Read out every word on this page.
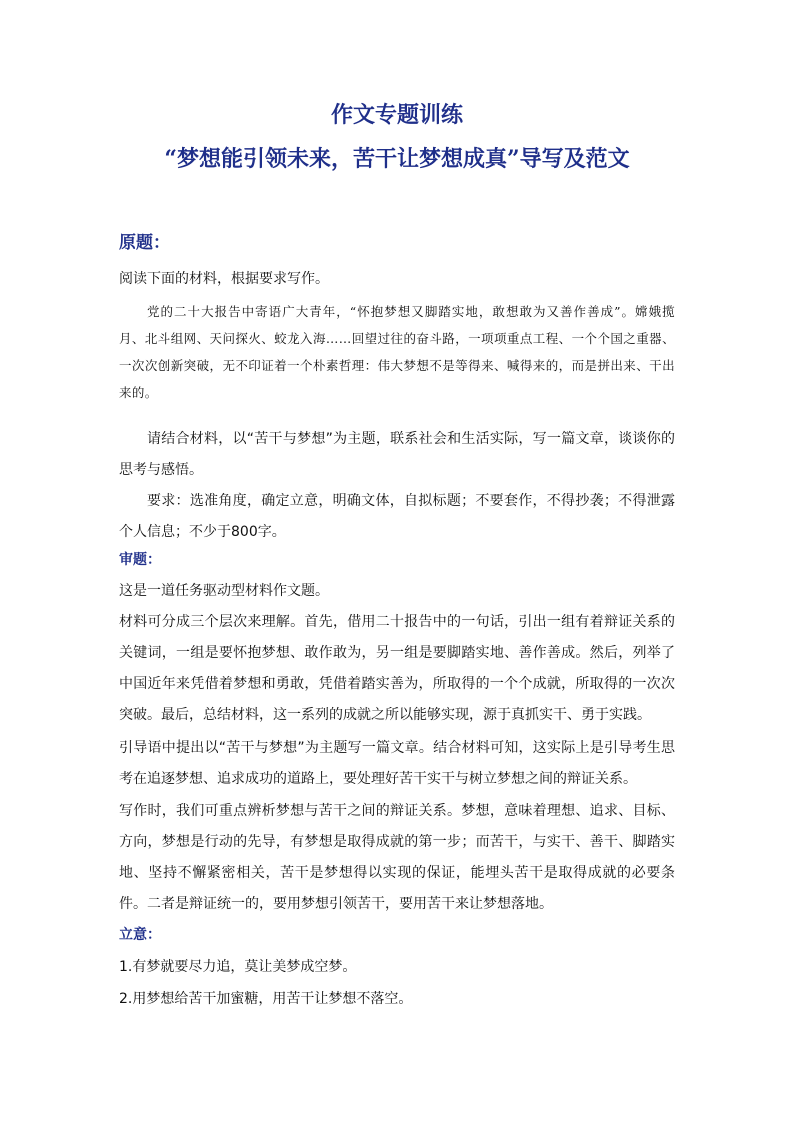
作文专题训练
“梦想能引领未来，苦干让梦想成真”导写及范文
原题：

阅读下面的材料，根据要求写作。

党的二十大报告中寄语广大青年，“怀抱梦想又脚踏实地，敢想敢为又善作善成”。嫦娥揽月、北斗组网、天问探火、蛟龙入海……回望过往的奋斗路，一项项重点工程、一个个国之重器、一次次创新突破，无不印证着一个朴素哲理：伟大梦想不是等得来、喊得来的，而是拼出来、干出来的。

请结合材料，以“苦干与梦想”为主题，联系社会和生活实际，写一篇文章，谈谈你的思考与感悟。

要求：选准角度，确定立意，明确文体，自拟标题；不要套作，不得抄袭；不得泄露个人信息；不少于800字。

审题：

这是一道任务驱动型材料作文题。

材料可分成三个层次来理解。首先，借用二十报告中的一句话，引出一组有着辩证关系的关键词，一组是要怀抱梦想、敢作敢为，另一组是要脚踏实地、善作善成。然后，列举了中国近年来凭借着梦想和勇敢，凭借着踏实善为，所取得的一个个成就，所取得的一次次突破。最后，总结材料，这一系列的成就之所以能够实现，源于真抓实干、勇于实践。

引导语中提出以“苦干与梦想”为主题写一篇文章。结合材料可知，这实际上是引导考生思考在追逐梦想、追求成功的道路上，要处理好苦干实干与树立梦想之间的辩证关系。

写作时，我们可重点辨析梦想与苦干之间的辩证关系。梦想，意味着理想、追求、目标、方向，梦想是行动的先导，有梦想是取得成就的第一步；而苦干，与实干、善干、脚踏实地、坚持不懈紧密相关，苦干是梦想得以实现的保证，能埋头苦干是取得成就的必要条件。二者是辩证统一的，要用梦想引领苦干，要用苦干来让梦想落地。

立意：

1.有梦就要尽力追，莫让美梦成空梦。

2.用梦想给苦干加蜜糖，用苦干让梦想不落空。
